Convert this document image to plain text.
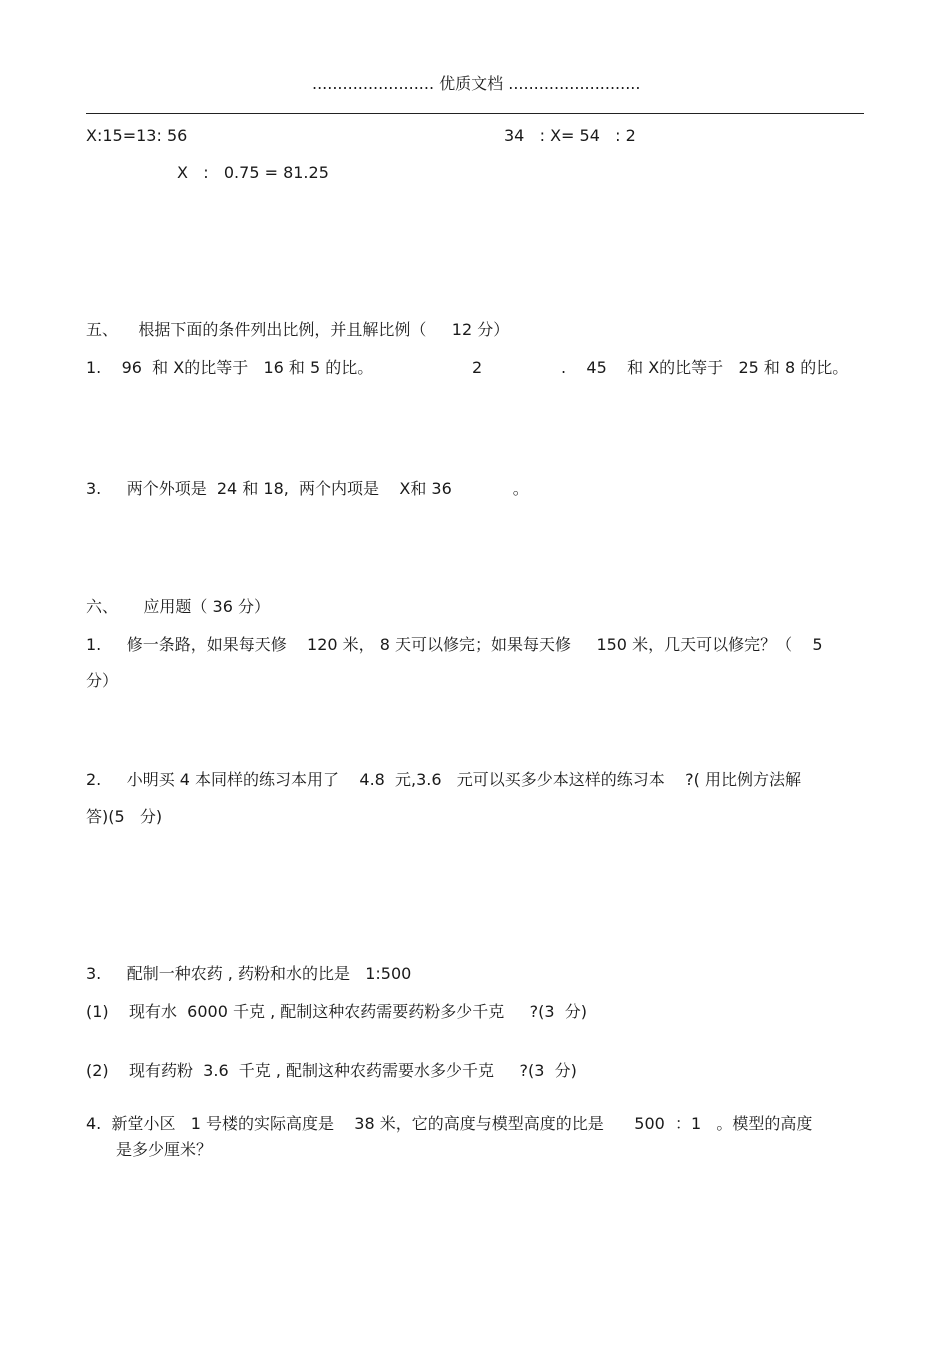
........................ 优质文档 ..........................
X:15=13: 56	34   : X= 54   : 2
X   :   0.75 = 81.25
五、    根据下面的条件列出比例，并且解比例（     12 分）
1.    96  和 X的比等于   16 和 5 的比。	2	.    45    和 X的比等于   25 和 8 的比。
3.     两个外项是  24 和 18,  两个内项是    X和 36            。
六、     应用题（ 36 分）
1.     修一条路，如果每天修    120 米， 8 天可以修完；如果每天修     150 米，几天可以修完？（    5
分）
2.     小明买 4 本同样的练习本用了    4.8  元,3.6   元可以买多少本这样的练习本    ?( 用比例方法解
答)(5   分)
3.     配制一种农药 , 药粉和水的比是   1:500
(1)    现有水  6000 千克 , 配制这种农药需要药粉多少千克     ?(3  分)
(2)    现有药粉  3.6  千克 , 配制这种农药需要水多少千克     ?(3  分)
4.  新堂小区   1 号楼的实际高度是    38 米，它的高度与模型高度的比是      500  ：1   。模型的高度
是多少厘米？
